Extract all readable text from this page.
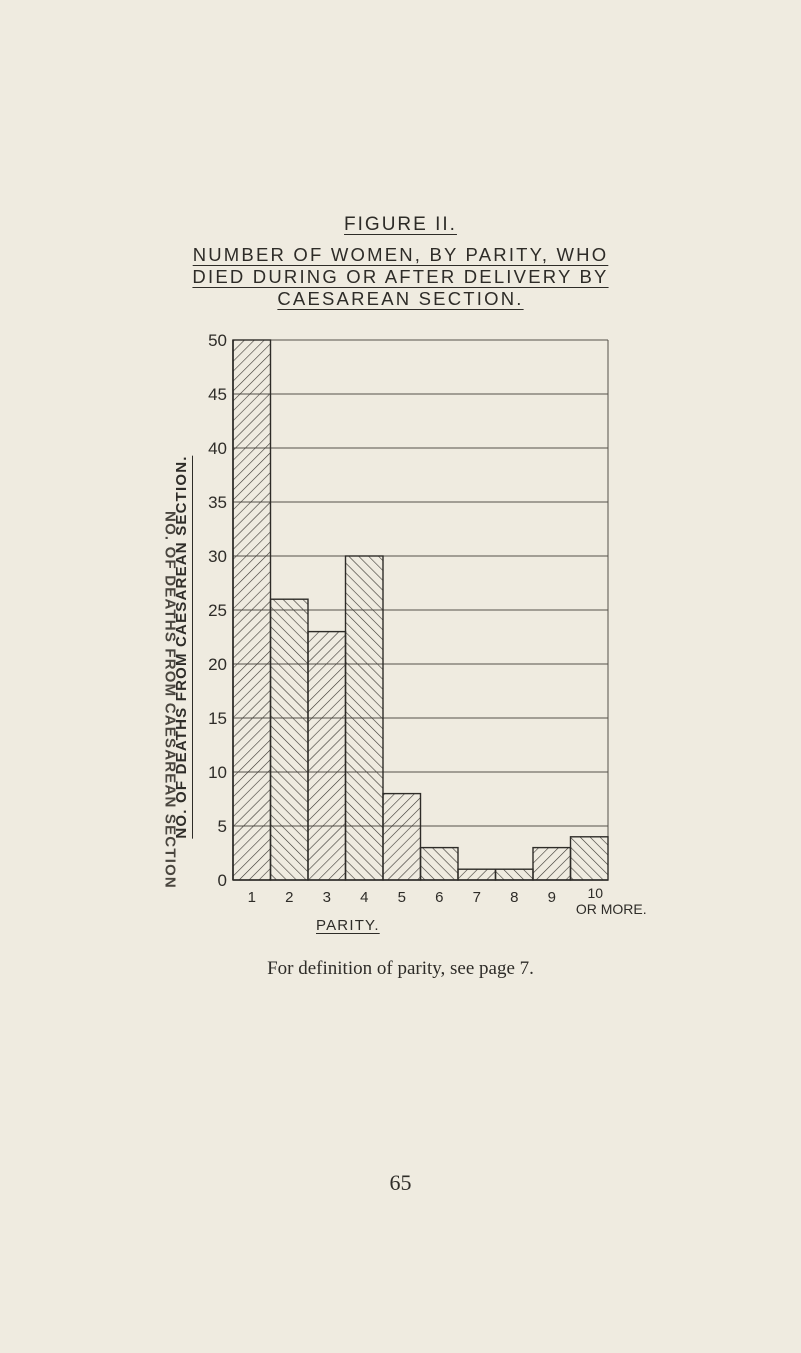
FIGURE II.
NUMBER OF WOMEN, BY PARITY, WHO
DIED DURING OR AFTER DELIVERY BY
CAESAREAN SECTION.
NO. OF DEATHS FROM CAESAREAN SECTION.
NO. OF DEATHS FROM CAESAREAN SECTION 0
5
10
15
20
25
30
35
40
45
50
1 2 3 4 5 6 7 8 9	10 OR MORE.
PARITY.
For definition of parity, see page 7.
65
